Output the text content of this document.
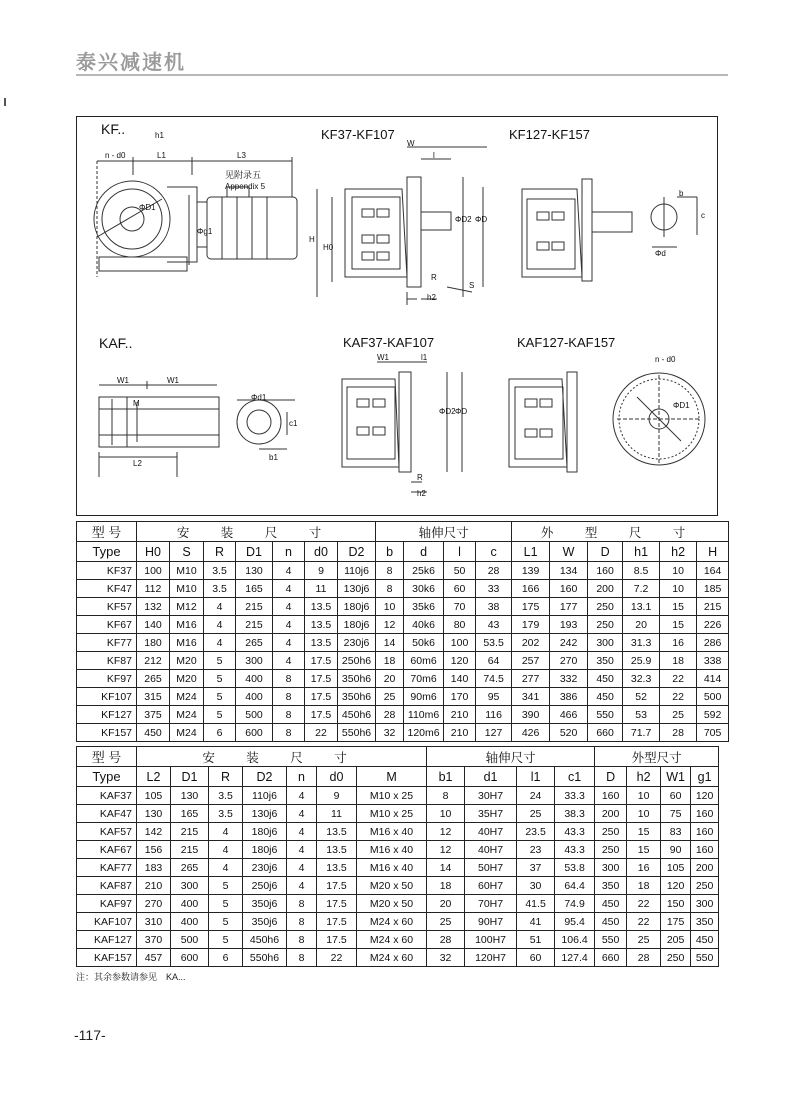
泰兴减速机
KF..	KF37-KF107	KF127-KF157
KAF..	KAF37-KAF107	KAF127-KAF157
见附录五
Appendix 5
n - d0	L1	L3
h1
ΦD1
Φg1
W
l
H
H0
ΦD2 ΦD
R
S
h2
b
c
Φd
W1	W1
M
L2
Φd1
c1
b1
W1	l1
ΦD2 ΦD
R
h2
n - d0
ΦD1
型 号	安 装 尺 寸							轴伸尺寸				外 型 尺 寸					
Type	H0	S	R	D1	n	d0	D2	b	d	l	c	L1	W	D	h1	h2	H
KF37	100	M10	3.5	130	4	9	110j6	8	25k6	50	28	139	134	160	8.5	10	164
KF47	112	M10	3.5	165	4	11	130j6	8	30k6	60	33	166	160	200	7.2	10	185
KF57	132	M12	4	215	4	13.5	180j6	10	35k6	70	38	175	177	250	13.1	15	215
KF67	140	M16	4	215	4	13.5	180j6	12	40k6	80	43	179	193	250	20	15	226
KF77	180	M16	4	265	4	13.5	230j6	14	50k6	100	53.5	202	242	300	31.3	16	286
KF87	212	M20	5	300	4	17.5	250h6	18	60m6	120	64	257	270	350	25.9	18	338
KF97	265	M20	5	400	8	17.5	350h6	20	70m6	140	74.5	277	332	450	32.3	22	414
KF107	315	M24	5	400	8	17.5	350h6	25	90m6	170	95	341	386	450	52	22	500
KF127	375	M24	5	500	8	17.5	450h6	28	110m6	210	116	390	466	550	53	25	592
KF157	450	M24	6	600	8	22	550h6	32	120m6	210	127	426	520	660	71.7	28	705
型 号	安 装 尺 寸							轴伸尺寸				外型尺寸			
Type	L2	D1	R	D2	n	d0	M	b1	d1	l1	c1	D	h2	W1	g1
KAF37	105	130	3.5	110j6	4	9	M10 x 25	8	30H7	24	33.3	160	10	60	120
KAF47	130	165	3.5	130j6	4	11	M10 x 25	10	35H7	25	38.3	200	10	75	160
KAF57	142	215	4	180j6	4	13.5	M16 x 40	12	40H7	23.5	43.3	250	15	83	160
KAF67	156	215	4	180j6	4	13.5	M16 x 40	12	40H7	23	43.3	250	15	90	160
KAF77	183	265	4	230j6	4	13.5	M16 x 40	14	50H7	37	53.8	300	16	105	200
KAF87	210	300	5	250j6	4	17.5	M20 x 50	18	60H7	30	64.4	350	18	120	250
KAF97	270	400	5	350j6	8	17.5	M20 x 50	20	70H7	41.5	74.9	450	22	150	300
KAF107	310	400	5	350j6	8	17.5	M24 x 60	25	90H7	41	95.4	450	22	175	350
KAF127	370	500	5	450h6	8	17.5	M24 x 60	28	100H7	51	106.4	550	25	205	450
KAF157	457	600	6	550h6	8	22	M24 x 60	32	120H7	60	127.4	660	28	250	550
注：其余参数请参见　KA...
-117-
